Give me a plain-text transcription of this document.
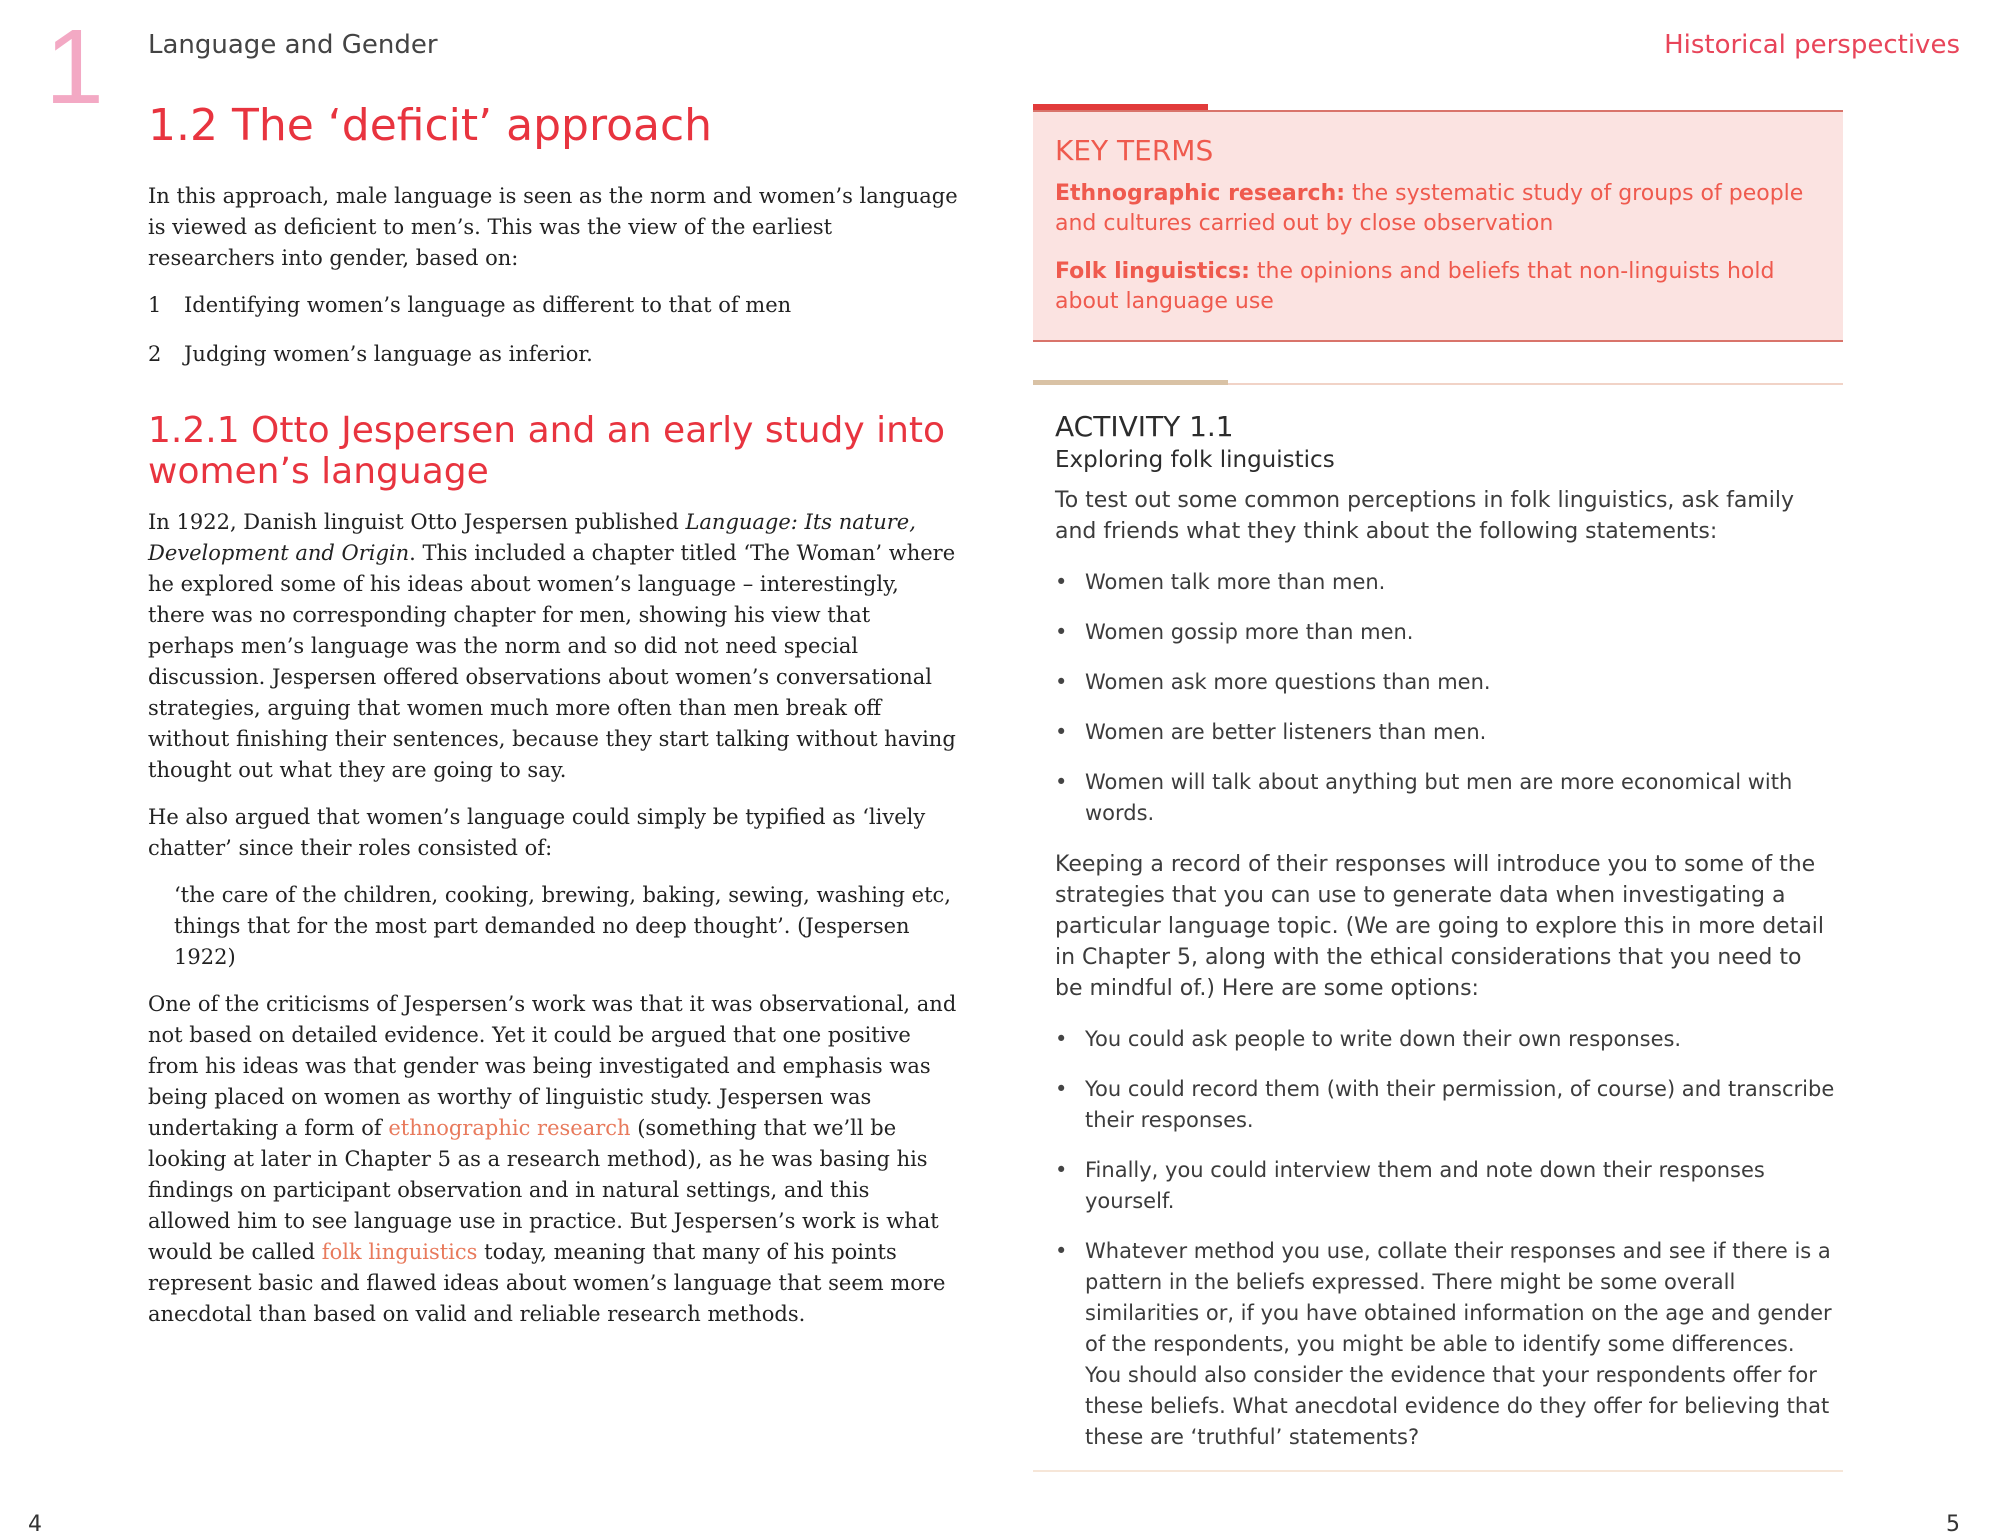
1 Language and Gender	Historical perspectives
1.2 The ‘deficit’ approach

In this approach, male language is seen as the norm and women’s language is viewed as deficient to men’s. This was the view of the earliest researchers into gender, based on:

1	Identifying women’s language as different to that of men
2	Judging women’s language as inferior.
1.2.1 Otto Jespersen and an early study into women’s language

In 1922, Danish linguist Otto Jespersen published Language: Its nature, Development and Origin. This included a chapter titled ‘The Woman’ where he explored some of his ideas about women’s language – interestingly, there was no corresponding chapter for men, showing his view that perhaps men’s language was the norm and so did not need special discussion. Jespersen offered observations about women’s conversational strategies, arguing that women much more often than men break off without finishing their sentences, because they start talking without having thought out what they are going to say.

He also argued that women’s language could simply be typified as ‘lively chatter’ since their roles consisted of:

‘the care of the children, cooking, brewing, baking, sewing, washing etc, things that for the most part demanded no deep thought’. (Jespersen 1922)

One of the criticisms of Jespersen’s work was that it was observational, and not based on detailed evidence. Yet it could be argued that one positive from his ideas was that gender was being investigated and emphasis was being placed on women as worthy of linguistic study. Jespersen was undertaking a form of ethnographic research (something that we’ll be looking at later in Chapter 5 as a research method), as he was basing his findings on participant observation and in natural settings, and this allowed him to see language use in practice. But Jespersen’s work is what would be called folk linguistics today, meaning that many of his points represent basic and flawed ideas about women’s language that seem more anecdotal than based on valid and reliable research methods.

KEY TERMS
Ethnographic research: the systematic study of groups of people and cultures carried out by close observation
Folk linguistics: the opinions and beliefs that non-linguists hold about language use
ACTIVITY 1.1
Exploring folk linguistics

To test out some common perceptions in folk linguistics, ask family and friends what they think about the following statements:

• Women talk more than men.
• Women gossip more than men.
• Women ask more questions than men.
• Women are better listeners than men.
• Women will talk about anything but men are more economical with words.

Keeping a record of their responses will introduce you to some of the strategies that you can use to generate data when investigating a particular language topic. (We are going to explore this in more detail in Chapter 5, along with the ethical considerations that you need to be mindful of.) Here are some options:

• You could ask people to write down their own responses.
• You could record them (with their permission, of course) and transcribe their responses.
• Finally, you could interview them and note down their responses yourself.
• Whatever method you use, collate their responses and see if there is a pattern in the beliefs expressed. There might be some overall similarities or, if you have obtained information on the age and gender of the respondents, you might be able to identify some differences. You should also consider the evidence that your respondents offer for these beliefs. What anecdotal evidence do they offer for believing that these are ‘truthful’ statements?
4	5
